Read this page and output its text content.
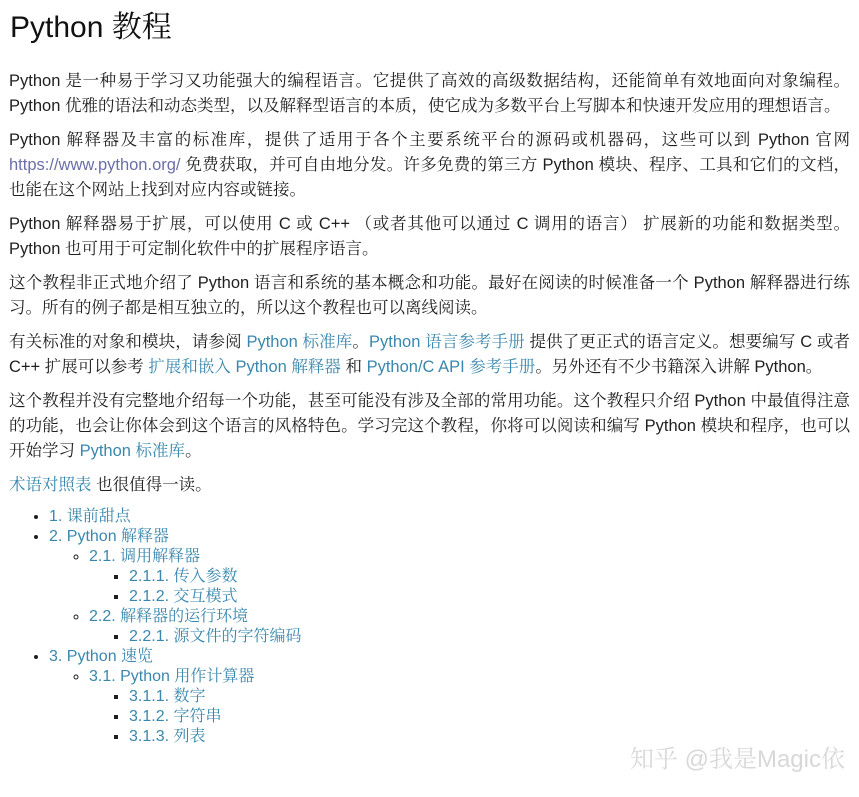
Python 教程

Python 是一种易于学习又功能强大的编程语言。它提供了高效的高级数据结构，还能简单有效地面向对象编程。Python 优雅的语法和动态类型，以及解释型语言的本质，使它成为多数平台上写脚本和快速开发应用的理想语言。

Python 解释器及丰富的标准库，提供了适用于各个主要系统平台的源码或机器码，这些可以到 Python 官网 https://www.python.org/ 免费获取，并可自由地分发。许多免费的第三方 Python 模块、程序、工具和它们的文档，也能在这个网站上找到对应内容或链接。

Python 解释器易于扩展，可以使用 C 或 C++ （或者其他可以通过 C 调用的语言） 扩展新的功能和数据类型。Python 也可用于可定制化软件中的扩展程序语言。

这个教程非正式地介绍了 Python 语言和系统的基本概念和功能。最好在阅读的时候准备一个 Python 解释器进行练习。所有的例子都是相互独立的，所以这个教程也可以离线阅读。

有关标准的对象和模块，请参阅 Python 标准库。Python 语言参考手册 提供了更正式的语言定义。想要编写 C 或者 C++ 扩展可以参考 扩展和嵌入 Python 解释器 和 Python/C API 参考手册。另外还有不少书籍深入讲解 Python。

这个教程并没有完整地介绍每一个功能，甚至可能没有涉及全部的常用功能。这个教程只介绍 Python 中最值得注意的功能，也会让你体会到这个语言的风格特色。学习完这个教程，你将可以阅读和编写 Python 模块和程序，也可以开始学习 Python 标准库。

术语对照表 也很值得一读。

• 1. 课前甜点
• 2. Python 解释器
◦ 2.1. 调用解释器
▪ 2.1.1. 传入参数
▪ 2.1.2. 交互模式
◦ 2.2. 解释器的运行环境
▪ 2.2.1. 源文件的字符编码
• 3. Python 速览
◦ 3.1. Python 用作计算器
▪ 3.1.1. 数字
▪ 3.1.2. 字符串
▪ 3.1.3. 列表
知乎 @我是Magic依
